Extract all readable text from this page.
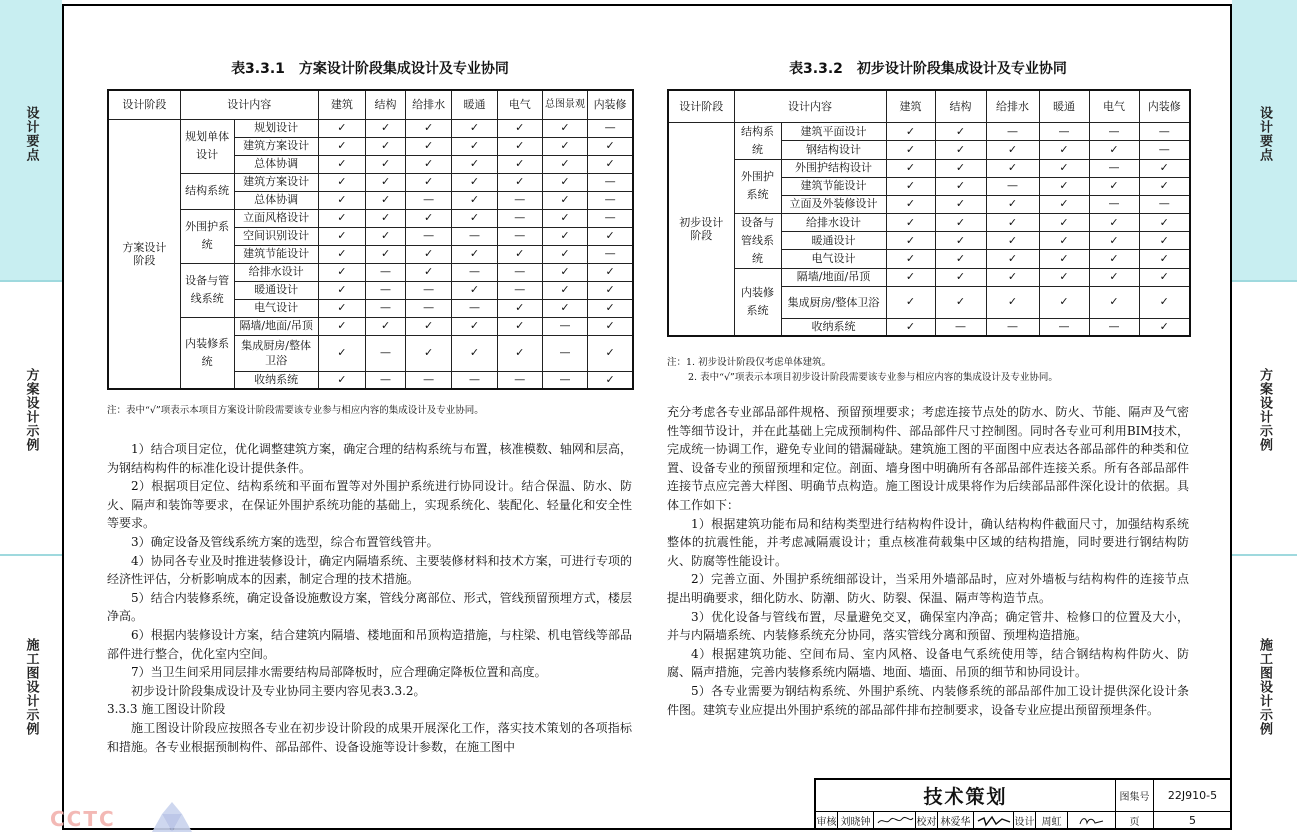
设计要点
方案设计示例
施工图设计示例
设计要点
方案设计示例
施工图设计示例
表3.3.1　方案设计阶段集成设计及专业协同
设计阶段	设计内容		建筑	结构	给排水	暖通	电气	总图景观	内装修
方案设计阶段	规划单体设计	规划设计	✓	✓	✓	✓	✓	✓	—
		建筑方案设计	✓	✓	✓	✓	✓	✓	✓
		总体协调	✓	✓	✓	✓	✓	✓	✓
	结构系统	建筑方案设计	✓	✓	✓	✓	✓	✓	—
		总体协调	✓	✓	—	✓	—	✓	—
	外围护系统	立面风格设计	✓	✓	✓	✓	—	✓	—
		空间识别设计	✓	✓	—	—	—	✓	✓
		建筑节能设计	✓	✓	✓	✓	✓	✓	—
	设备与管线系统	给排水设计	✓	—	✓	—	—	✓	✓
		暖通设计	✓	—	—	✓	—	✓	✓
		电气设计	✓	—	—	—	✓	✓	✓
	内装修系统	隔墙/地面/吊顶	✓	✓	✓	✓	✓	—	✓
		集成厨房/整体卫浴	✓	—	✓	✓	✓	—	✓
		收纳系统	✓	—	—	—	—	—	✓
注：表中“√”项表示本项目方案设计阶段需要该专业参与相应内容的集成设计及专业协同。
表3.3.2　初步设计阶段集成设计及专业协同
设计阶段	设计内容		建筑	结构	给排水	暖通	电气	内装修
初步设计阶段	结构系统	建筑平面设计	✓	✓	—	—	—	—
		钢结构设计	✓	✓	✓	✓	✓	—
	外围护系统	外围护结构设计	✓	✓	✓	✓	—	✓
		建筑节能设计	✓	✓	—	✓	✓	✓
		立面及外装修设计	✓	✓	✓	✓	—	—
	设备与管线系统	给排水设计	✓	✓	✓	✓	✓	✓
		暖通设计	✓	✓	✓	✓	✓	✓
		电气设计	✓	✓	✓	✓	✓	✓
	内装修系统	隔墙/地面/吊顶	✓	✓	✓	✓	✓	✓
		集成厨房/整体卫浴	✓	✓	✓	✓	✓	✓
		收纳系统	✓	—	—	—	—	✓
注：1. 初步设计阶段仅考虑单体建筑。
2. 表中“√”项表示本项目初步设计阶段需要该专业参与相应内容的集成设计及专业协同。

1）结合项目定位，优化调整建筑方案，确定合理的结构系统与布置，核准模数、轴网和层高，为钢结构构件的标准化设计提供条件。

2）根据项目定位、结构系统和平面布置等对外围护系统进行协同设计。结合保温、防水、防火、隔声和装饰等要求，在保证外围护系统功能的基础上，实现系统化、装配化、轻量化和安全性等要求。

3）确定设备及管线系统方案的选型，综合布置管线管井。

4）协同各专业及时推进装修设计，确定内隔墙系统、主要装修材料和技术方案，可进行专项的经济性评估，分析影响成本的因素，制定合理的技术措施。

5）结合内装修系统，确定设备设施敷设方案，管线分离部位、形式，管线预留预埋方式，楼层净高。

6）根据内装修设计方案，结合建筑内隔墙、楼地面和吊顶构造措施，与柱梁、机电管线等部品部件进行整合，优化室内空间。

7）当卫生间采用同层排水需要结构局部降板时，应合理确定降板位置和高度。

初步设计阶段集成设计及专业协同主要内容见表3.3.2。

3.3.3 施工图设计阶段

施工图设计阶段应按照各专业在初步设计阶段的成果开展深化工作，落实技术策划的各项指标和措施。各专业根据预制构件、部品部件、设备设施等设计参数，在施工图中

充分考虑各专业部品部件规格、预留预埋要求；考虑连接节点处的防水、防火、节能、隔声及气密性等细节设计，并在此基础上完成预制构件、部品部件尺寸控制图。同时各专业可利用BIM技术，完成统一协调工作，避免专业间的错漏碰缺。建筑施工图的平面图中应表达各部品部件的种类和位置、设备专业的预留预埋和定位。剖面、墙身图中明确所有各部品部件连接关系。所有各部品部件连接节点应完善大样图、明确节点构造。施工图设计成果将作为后续部品部件深化设计的依据。具体工作如下：

1）根据建筑功能布局和结构类型进行结构构件设计，确认结构构件截面尺寸，加强结构系统整体的抗震性能，并考虑减隔震设计；重点核准荷载集中区域的结构措施，同时要进行钢结构防火、防腐等性能设计。

2）完善立面、外围护系统细部设计，当采用外墙部品时，应对外墙板与结构构件的连接节点提出明确要求，细化防水、防潮、防火、防裂、保温、隔声等构造节点。

3）优化设备与管线布置，尽量避免交叉，确保室内净高；确定管井、检修口的位置及大小，并与内隔墙系统、内装修系统充分协同，落实管线分离和预留、预埋构造措施。

4）根据建筑功能、空间布局、室内风格、设备电气系统使用等，结合钢结构构件防火、防腐、隔声措施，完善内装修系统内隔墙、地面、墙面、吊顶的细节和协同设计。

5）各专业需要为钢结构系统、外围护系统、内装修系统的部品部件加工设计提供深化设计条件图。建筑专业应提出外围护系统的部品部件排布控制要求，设备专业应提出预留预埋条件。

技术策划	图集号	22J910-5
审核 刘晓钟	校对 林爱华	设计 周虹	页	5
CCTC
